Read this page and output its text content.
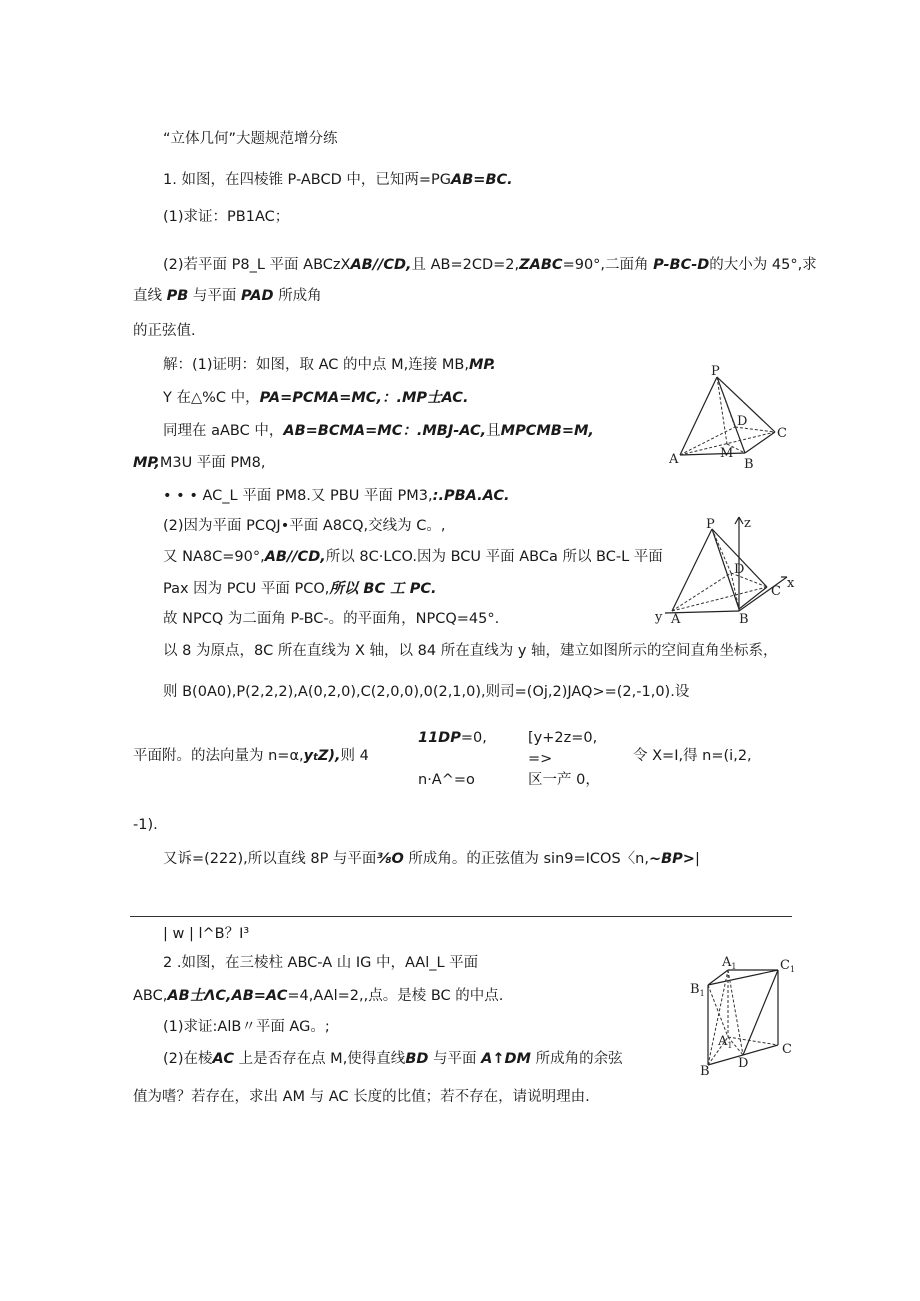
“立体几何”大题规范增分练
1. 如图，在四棱锥 P-ABCD 中，已知两=PGAB=BC.
(1)求证：PB1AC；
(2)若平面 P8_L 平面 ABCzXAB//CD,且 AB=2CD=2,ZABC=90°,二面角 P-BC-D的大小为 45°,求
直线 PB 与平面 PAD 所成角
的正弦值.
解：(1)证明：如图，取 AC 的中点 M,连接 MB,MP.
Y 在△%C 中，PA=PCMA=MC,：.MP士AC.
同理在 aABC 中，AB=BCMA=MC：.MBJ-AC,且MPCMB=M,
MP,M3U 平面 PM8,
• • • AC_L 平面 PM8.又 PBU 平面 PM3,:.PBA.AC.
(2)因为平面 PCQJ•平面 A8CQ,交线为 C。,
又 NA8C=90°,AB//CD,所以 8C·LCO.因为 BCU 平面 ABCa 所以 BC-L 平面
Pax 因为 PCU 平面 PCO,所以 BC 工 PC.
故 NPCQ 为二面角 P-BC-。的平面角，NPCQ=45°.
以 8 为原点，8C 所在直线为 X 轴，以 84 所在直线为 y 轴，建立如图所示的空间直角坐标系，
则 B(0A0),P(2,2,2),A(0,2,0),C(2,0,0),0(2,1,0),则司=(Oj,2)JAQ>=(2,-1,0).设
平面附。的法向量为 n=α,ytZ),则 4
11DP=0,
n·A^=o
[y+2z=0,
=>
区一产 0，
令 X=I,得 n=(i,2,
-1).
又诉=(222),所以直线 8P 与平面⅜O 所成角。的正弦值为 sin9=ICOS〈n,~BP>|
| w | l^B？I³
2 .如图，在三棱柱 ABC-A 山 IG 中，AAl_L 平面
ABC,AB士ΛC,AB=AC=4,AAl=2,,点。是棱 BC 的中点.
(1)求证:AlB〃平面 AG。;
(2)在棱AC 上是否存在点 M,使得直线BD 与平面 A↑DM 所成角的余弦
值为嗜？若存在，求出 AM 与 AC 长度的比值；若不存在，请说明理由.
P
D
C
A	M
B
P z
D
x
C
y A	B
$A_1$	$C_1$
$B_1$
$A_1$	C
D
B
